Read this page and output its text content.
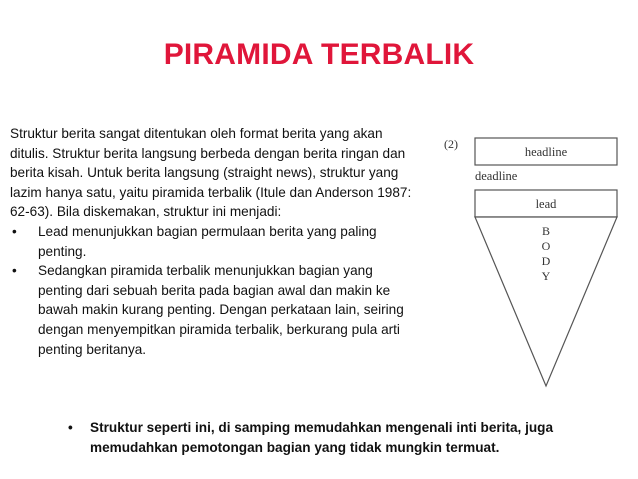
PIRAMIDA TERBALIK

Struktur berita sangat ditentukan oleh format berita yang akan ditulis. Struktur berita langsung berbeda dengan berita ringan dan berita kisah. Untuk berita langsung (straight news), struktur yang lazim hanya satu, yaitu piramida terbalik (Itule dan Anderson 1987: 62-63). Bila diskemakan, struktur ini menjadi:

• Lead menunjukkan bagian permulaan berita yang paling penting.
• Sedangkan piramida terbalik menunjukkan bagian yang penting dari sebuah berita pada bagian awal dan makin ke bawah makin kurang penting. Dengan perkataan lain, seiring dengan menyempitkan piramida terbalik, berkurang pula arti penting beritanya.
(2)
headline
deadline
lead
B
O
D
Y
• Struktur seperti ini, di samping memudahkan mengenali inti berita, juga memudahkan pemotongan bagian yang tidak mungkin termuat.
